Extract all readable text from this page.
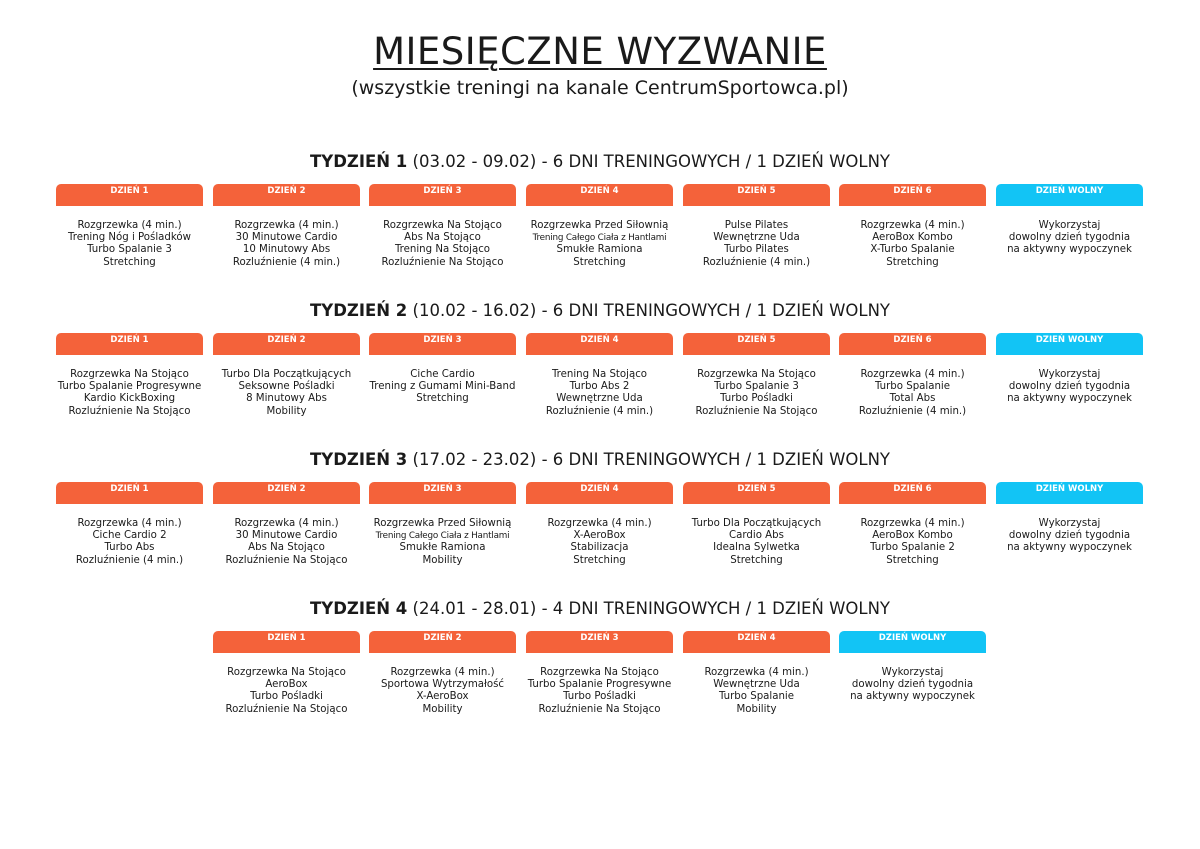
MIESIĘCZNE WYZWANIE
(wszystkie treningi na kanale CentrumSportowca.pl)
TYDZIEŃ 1 (03.02 - 09.02) - 6 DNI TRENINGOWYCH / 1 DZIEŃ WOLNY
DZIEŃ 1
Rozgrzewka (4 min.)
Trening Nóg i Pośladków
Turbo Spalanie 3
Stretching
DZIEŃ 2
Rozgrzewka (4 min.)
30 Minutowe Cardio
10 Minutowy Abs
Rozluźnienie (4 min.)
DZIEŃ 3
Rozgrzewka Na Stojąco
Abs Na Stojąco
Trening Na Stojąco
Rozluźnienie Na Stojąco
DZIEŃ 4
Rozgrzewka Przed Siłownią
Trening Całego Ciała z Hantlami
Smukłe Ramiona
Stretching
DZIEŃ 5
Pulse Pilates
Wewnętrzne Uda
Turbo Pilates
Rozluźnienie (4 min.)
DZIEŃ 6
Rozgrzewka (4 min.)
AeroBox Kombo
X-Turbo Spalanie
Stretching
DZIEŃ WOLNY
Wykorzystaj
dowolny dzień tygodnia
na aktywny wypoczynek
TYDZIEŃ 2 (10.02 - 16.02) - 6 DNI TRENINGOWYCH / 1 DZIEŃ WOLNY
DZIEŃ 1
Rozgrzewka Na Stojąco
Turbo Spalanie Progresywne
Kardio KickBoxing
Rozluźnienie Na Stojąco
DZIEŃ 2
Turbo Dla Początkujących
Seksowne Pośladki
8 Minutowy Abs
Mobility
DZIEŃ 3
Ciche Cardio
Trening z Gumami Mini-Band
Stretching
DZIEŃ 4
Trening Na Stojąco
Turbo Abs 2
Wewnętrzne Uda
Rozluźnienie (4 min.)
DZIEŃ 5
Rozgrzewka Na Stojąco
Turbo Spalanie 3
Turbo Pośladki
Rozluźnienie Na Stojąco
DZIEŃ 6
Rozgrzewka (4 min.)
Turbo Spalanie
Total Abs
Rozluźnienie (4 min.)
DZIEŃ WOLNY
Wykorzystaj
dowolny dzień tygodnia
na aktywny wypoczynek
TYDZIEŃ 3 (17.02 - 23.02) - 6 DNI TRENINGOWYCH / 1 DZIEŃ WOLNY
DZIEŃ 1
Rozgrzewka (4 min.)
Ciche Cardio 2
Turbo Abs
Rozluźnienie (4 min.)
DZIEŃ 2
Rozgrzewka (4 min.)
30 Minutowe Cardio
Abs Na Stojąco
Rozluźnienie Na Stojąco
DZIEŃ 3
Rozgrzewka Przed Siłownią
Trening Całego Ciała z Hantlami
Smukłe Ramiona
Mobility
DZIEŃ 4
Rozgrzewka (4 min.)
X-AeroBox
Stabilizacja
Stretching
DZIEŃ 5
Turbo Dla Początkujących
Cardio Abs
Idealna Sylwetka
Stretching
DZIEŃ 6
Rozgrzewka (4 min.)
AeroBox Kombo
Turbo Spalanie 2
Stretching
DZIEŃ WOLNY
Wykorzystaj
dowolny dzień tygodnia
na aktywny wypoczynek
TYDZIEŃ 4 (24.01 - 28.01) - 4 DNI TRENINGOWYCH / 1 DZIEŃ WOLNY
DZIEŃ 1
Rozgrzewka Na Stojąco
AeroBox
Turbo Pośladki
Rozluźnienie Na Stojąco
DZIEŃ 2
Rozgrzewka (4 min.)
Sportowa Wytrzymałość
X-AeroBox
Mobility
DZIEŃ 3
Rozgrzewka Na Stojąco
Turbo Spalanie Progresywne
Turbo Pośladki
Rozluźnienie Na Stojąco
DZIEŃ 4
Rozgrzewka (4 min.)
Wewnętrzne Uda
Turbo Spalanie
Mobility
DZIEŃ WOLNY
Wykorzystaj
dowolny dzień tygodnia
na aktywny wypoczynek
